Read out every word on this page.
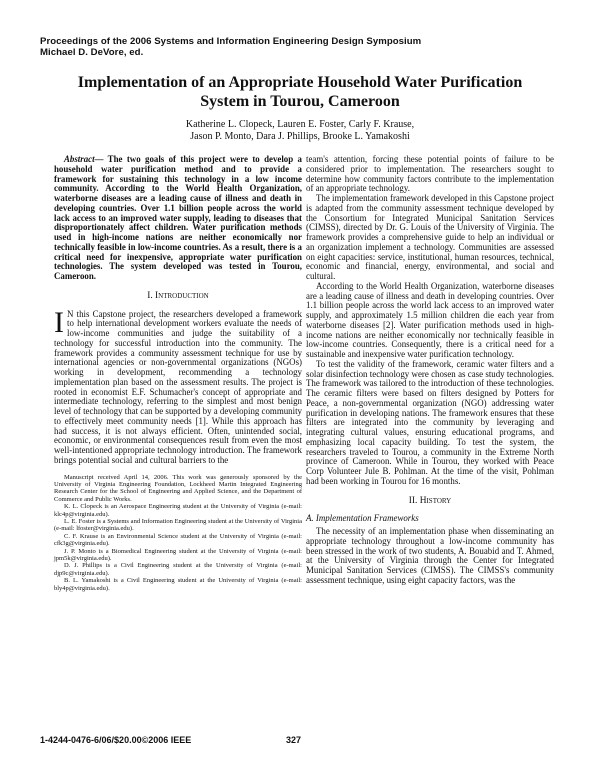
Proceedings of the 2006 Systems and Information Engineering Design Symposium
Michael D. DeVore, ed.
Implementation of an Appropriate Household Water Purification
System in Tourou, Cameroon
Katherine L. Clopeck, Lauren E. Foster, Carly F. Krause,
Jason P. Monto, Dara J. Phillips, Brooke L. Yamakoshi

Abstract— The two goals of this project were to develop a household water purification method and to provide a framework for sustaining this technology in a low income community. According to the World Health Organization, waterborne diseases are a leading cause of illness and death in developing countries. Over 1.1 billion people across the world lack access to an improved water supply, leading to diseases that disproportionately affect children. Water purification methods used in high-income nations are neither economically nor technically feasible in low-income countries. As a result, there is a critical need for inexpensive, appropriate water purification technologies. The system developed was tested in Tourou, Cameroon.

I. Introduction

I N this Capstone project, the researchers developed a framework to help international development workers evaluate the needs of low-income communities and judge the suitability of a technology for successful introduction into the community. The framework provides a community assessment technique for use by international agencies or non-governmental organizations (NGOs) working in development, recommending a technology implementation plan based on the assessment results. The project is rooted in economist E.F. Schumacher's concept of appropriate and intermediate technology, referring to the simplest and most benign level of technology that can be supported by a developing community to effectively meet community needs [1]. While this approach has had success, it is not always efficient. Often, unintended social, economic, or environmental consequences result from even the most well-intentioned appropriate technology introduction. The framework brings potential social and cultural barriers to the

Manuscript received April 14, 2006. This work was generously sponsored by the University of Virginia Engineering Foundation, Lockheed Martin Integrated Engineering Research Center for the School of Engineering and Applied Science, and the Department of Commerce and Public Works.

K. L. Clopeck is an Aerospace Engineering student at the University of Virginia (e-mail: klc4p@virginia.edu).

L. E. Foster is a Systems and Information Engineering student at the University of Virginia (e-mail: lfoster@virginia.edu).

C. F. Krause is an Environmental Science student at the University of Virginia (e-mail: cfk3g@virginia.edu).

J. P. Monto is a Biomedical Engineering student at the University of Virginia (e-mail: jpm5k@virginia.edu).

D. J. Phillips is a Civil Engineering student at the University of Virginia (e-mail: djp9c@virginia.edu).

B. L. Yamakoshi is a Civil Engineering student at the University of Virginia (e-mail: bly4p@virginia.edu).

team's attention, forcing these potential points of failure to be considered prior to implementation. The researchers sought to determine how community factors contribute to the implementation of an appropriate technology.

The implementation framework developed in this Capstone project is adapted from the community assessment technique developed by the Consortium for Integrated Municipal Sanitation Services (CIMSS), directed by Dr. G. Louis of the University of Virginia. The framework provides a comprehensive guide to help an individual or an organization implement a technology. Communities are assessed on eight capacities: service, institutional, human resources, technical, economic and financial, energy, environmental, and social and cultural.

According to the World Health Organization, waterborne diseases are a leading cause of illness and death in developing countries. Over 1.1 billion people across the world lack access to an improved water supply, and approximately 1.5 million children die each year from waterborne diseases [2]. Water purification methods used in high-income nations are neither economically nor technically feasible in low-income countries. Consequently, there is a critical need for a sustainable and inexpensive water purification technology.

To test the validity of the framework, ceramic water filters and a solar disinfection technology were chosen as case study technologies. The framework was tailored to the introduction of these technologies. The ceramic filters were based on filters designed by Potters for Peace, a non-governmental organization (NGO) addressing water purification in developing nations. The framework ensures that these filters are integrated into the community by leveraging and integrating cultural values, ensuring educational programs, and emphasizing local capacity building. To test the system, the researchers traveled to Tourou, a community in the Extreme North province of Cameroon. While in Tourou, they worked with Peace Corp Volunteer Jule B. Pohlman. At the time of the visit, Pohlman had been working in Tourou for 16 months.

II. History

A. Implementation Frameworks

The necessity of an implementation phase when disseminating an appropriate technology throughout a low-income community has been stressed in the work of two students, A. Bouabid and T. Ahmed, at the University of Virginia through the Center for Integrated Municipal Sanitation Services (CIMSS). The CIMSS's community assessment technique, using eight capacity factors, was the

1-4244-0476-6/06/$20.00©2006 IEEE	327
